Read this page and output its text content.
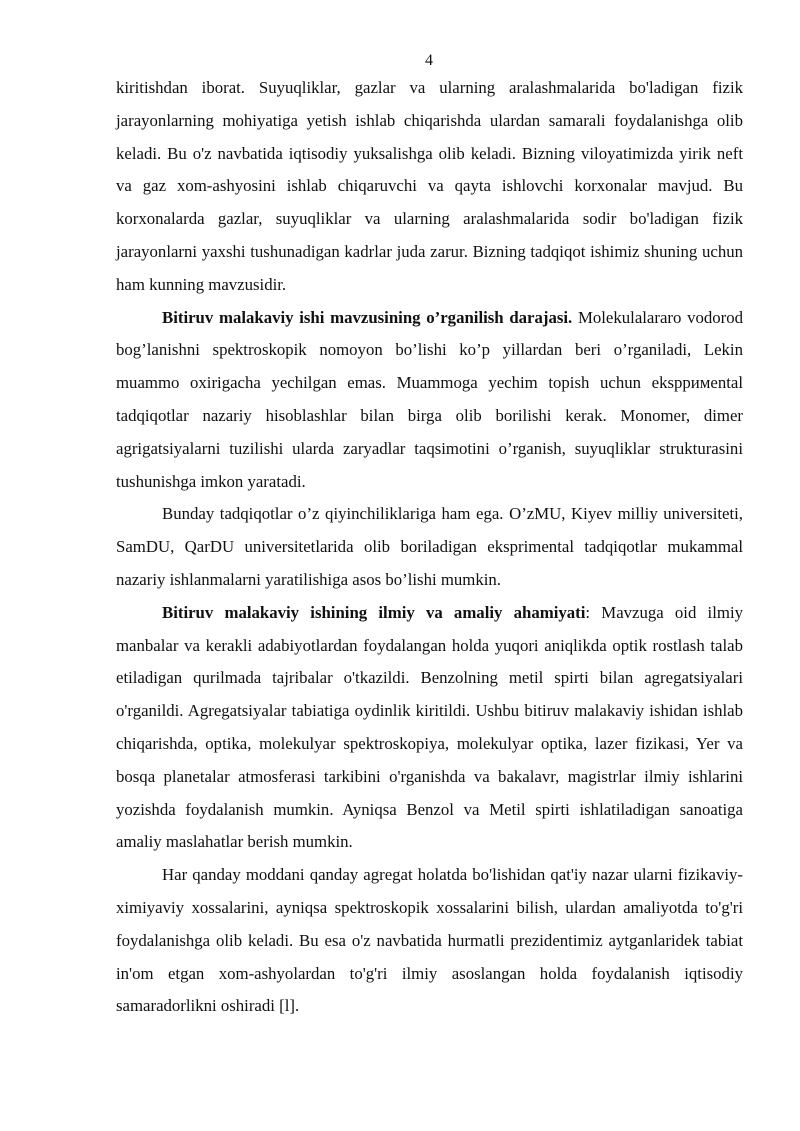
4

kiritishdan iborat. Suyuqliklar, gazlar va ularning aralashmalarida bo'ladigan fizik jarayonlarning mohiyatiga yetish ishlab chiqarishda ulardan samarali foydalanishga olib keladi. Bu o'z navbatida iqtisodiy yuksalishga olib keladi. Bizning viloyatimizda yirik neft va gaz xom-ashyosini ishlab chiqaruvchi va qayta ishlovchi korxonalar mavjud. Bu korxonalarda gazlar, suyuqliklar va ularning aralashmalarida sodir bo'ladigan fizik jarayonlarni yaxshi tushunadigan kadrlar juda zarur. Bizning tadqiqot ishimiz shuning uchun ham kunning mavzusidir.

Bitiruv malakaviy ishi mavzusining o’rganilish darajasi. Molekulalararo vodorod bog’lanishni spektroskopik nomoyon bo’lishi ko’p yillardan beri o’rganiladi, Lekin muammo oxirigacha yechilgan emas. Muammoga yechim topish uchun ekspримental tadqiqotlar nazariy hisoblashlar bilan birga olib borilishi kerak. Monomer, dimer agrigatsiyalarni tuzilishi ularda zaryadlar taqsimotini o’rganish, suyuqliklar strukturasini tushunishga imkon yaratadi.

Bunday tadqiqotlar o’z qiyinchiliklariga ham ega. O’zMU, Kiyev milliy universiteti, SamDU, QarDU universitetlarida olib boriladigan eksprimental tadqiqotlar mukammal nazariy ishlanmalarni yaratilishiga asos bo’lishi mumkin.

Bitiruv malakaviy ishining ilmiy va amaliy ahamiyati: Mavzuga oid ilmiy manbalar va kerakli adabiyotlardan foydalangan holda yuqori aniqlikda optik rostlash talab etiladigan qurilmada tajribalar o'tkazildi. Benzolning metil spirti bilan agregatsiyalari o'rganildi. Agregatsiyalar tabiatiga oydinlik kiritildi. Ushbu bitiruv malakaviy ishidan ishlab chiqarishda, optika, molekulyar spektroskopiya, molekulyar optika, lazer fizikasi, Yer va bosqa planetalar atmosferasi tarkibini o'rganishda va bakalavr, magistrlar ilmiy ishlarini yozishda foydalanish mumkin. Ayniqsa Benzol va Metil spirti ishlatiladigan sanoatiga amaliy maslahatlar berish mumkin.

Har qanday moddani qanday agregat holatda bo'lishidan qat'iy nazar ularni fizikaviy-ximiyaviy xossalarini, ayniqsa spektroskopik xossalarini bilish, ulardan amaliyotda to'g'ri foydalanishga olib keladi. Bu esa o'z navbatida hurmatli prezidentimiz aytganlaridek tabiat in'om etgan xom-ashyolardan to'g'ri ilmiy asoslangan holda foydalanish iqtisodiy samaradorlikni oshiradi [l].
